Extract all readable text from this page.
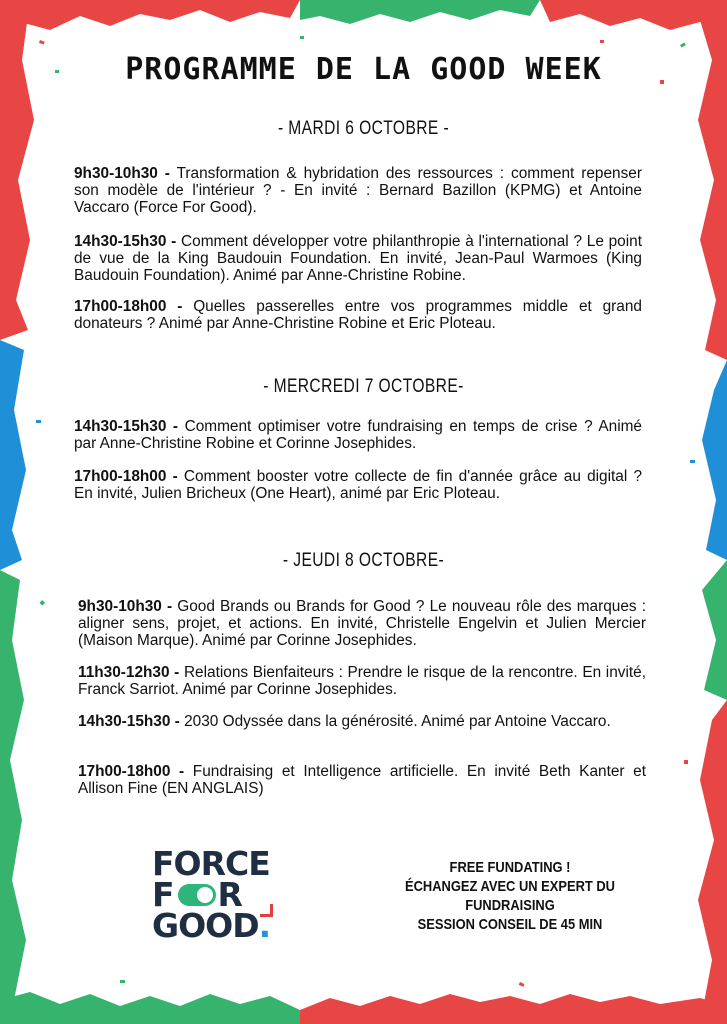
PROGRAMME DE LA GOOD WEEK
- MARDI 6 OCTOBRE -
9h30-10h30 - Transformation & hybridation des ressources : comment repenser son modèle de l'intérieur ? - En invité : Bernard Bazillon (KPMG) et Antoine Vaccaro (Force For Good).
14h30-15h30 - Comment développer votre philanthropie à l'international ? Le point de vue de la King Baudouin Foundation. En invité, Jean-Paul Warmoes (King Baudouin Foundation). Animé par Anne-Christine Robine.
17h00-18h00 - Quelles passerelles entre vos programmes middle et grand donateurs ? Animé par Anne-Christine Robine et Eric Ploteau.
- MERCREDI 7 OCTOBRE-
14h30-15h30 - Comment optimiser votre fundraising en temps de crise ? Animé par Anne-Christine Robine et Corinne Josephides.
17h00-18h00 - Comment booster votre collecte de fin d'année grâce au digital ? En invité, Julien Bricheux (One Heart), animé par Eric Ploteau.
- JEUDI 8 OCTOBRE-
9h30-10h30 - Good Brands ou Brands for Good ? Le nouveau rôle des marques : aligner sens, projet, et actions. En invité, Christelle Engelvin et Julien Mercier (Maison Marque). Animé par Corinne Josephides.
11h30-12h30 - Relations Bienfaiteurs : Prendre le risque de la rencontre. En invité, Franck Sarriot. Animé par Corinne Josephides.
14h30-15h30 - 2030 Odyssée dans la générosité. Animé par Antoine Vaccaro.
17h00-18h00 - Fundraising et Intelligence artificielle. En invité Beth Kanter et Allison Fine (EN ANGLAIS)
FORCE
F R
GOOD.
FREE FUNDATING !
ÉCHANGEZ AVEC UN EXPERT DU FUNDRAISING
SESSION CONSEIL DE 45 MIN
